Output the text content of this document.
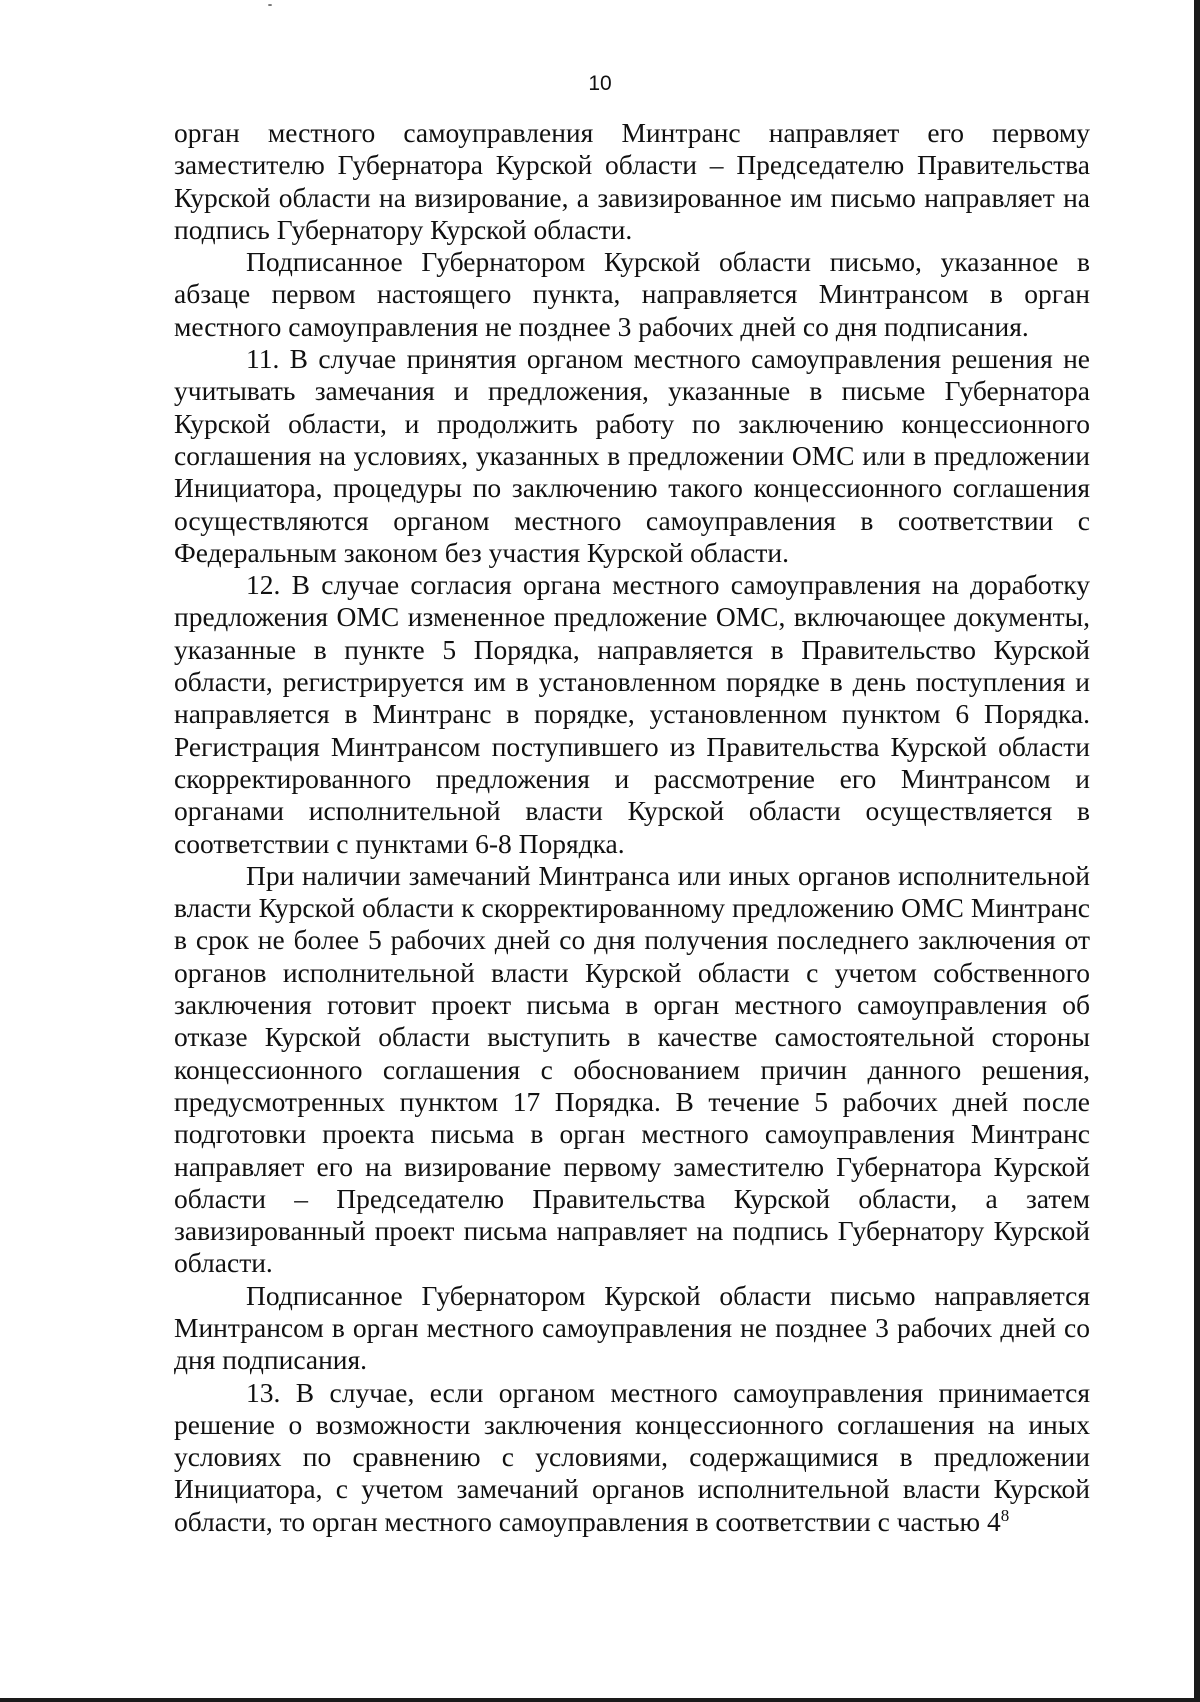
10

орган местного самоуправления Минтранс направляет его первому заместителю Губернатора Курской области – Председателю Правительства Курской области на визирование, а завизированное им письмо направляет на подпись Губернатору Курской области.

Подписанное Губернатором Курской области письмо, указанное в абзаце первом настоящего пункта, направляется Минтрансом в орган местного самоуправления не позднее 3 рабочих дней со дня подписания.

11. В случае принятия органом местного самоуправления решения не учитывать замечания и предложения, указанные в письме Губернатора Курской области, и продолжить работу по заключению концессионного соглашения на условиях, указанных в предложении ОМС или в предложении Инициатора, процедуры по заключению такого концессионного соглашения осуществляются органом местного самоуправления в соответствии с Федеральным законом без участия Курской области.

12. В случае согласия органа местного самоуправления на доработку предложения ОМС измененное предложение ОМС, включающее документы, указанные в пункте 5 Порядка, направляется в Правительство Курской области, регистрируется им в установленном порядке в день поступления и направляется в Минтранс в порядке, установленном пунктом 6 Порядка. Регистрация Минтрансом поступившего из Правительства Курской области скорректированного предложения и рассмотрение его Минтрансом и органами исполнительной власти Курской области осуществляется в соответствии с пунктами 6-8 Порядка.

При наличии замечаний Минтранса или иных органов исполнительной власти Курской области к скорректированному предложению ОМС Минтранс в срок не более 5 рабочих дней со дня получения последнего заключения от органов исполнительной власти Курской области с учетом собственного заключения готовит проект письма в орган местного самоуправления об отказе Курской области выступить в качестве самостоятельной стороны концессионного соглашения с обоснованием причин данного решения, предусмотренных пунктом 17 Порядка. В течение 5 рабочих дней после подготовки проекта письма в орган местного самоуправления Минтранс направляет его на визирование первому заместителю Губернатора Курской области – Председателю Правительства Курской области, а затем завизированный проект письма направляет на подпись Губернатору Курской области.

Подписанное Губернатором Курской области письмо направляется Минтрансом в орган местного самоуправления не позднее 3 рабочих дней со дня подписания.

13. В случае, если органом местного самоуправления принимается решение о возможности заключения концессионного соглашения на иных условиях по сравнению с условиями, содержащимися в предложении Инициатора, с учетом замечаний органов исполнительной власти Курской области, то орган местного самоуправления в соответствии с частью $4^8$
